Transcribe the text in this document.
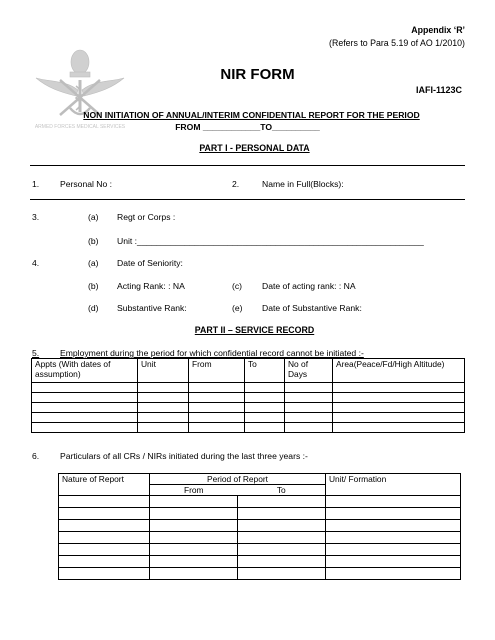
ARMED FORCES MEDICAL SERVICES
Appendix ‘R’
(Refers to Para 5.19 of AO 1/2010)
NIR FORM
IAFI-1123C
NON INITIATION OF ANNUAL/INTERIM CONFIDENTIAL REPORT FOR THE PERIOD
FROM ____________TO__________
PART I - PERSONAL DATA
1. Personal No :	2.	Name in Full(Blocks):
3.	(a) Regt or Corps :
(b) Unit :____________________________________________________________
4.	(a) Date of Seniority:
(b) Acting Rank: : NA	(c) Date of acting rank: : NA
(d) Substantive Rank:	(e) Date of Substantive Rank:
PART II – SERVICE RECORD
5. Employment during the period for which confidential record cannot be initiated :-
Appts (With dates of assumption)	Unit	From	To	No of Days	Area(Peace/Fd/High Altitude)

6. Particulars of all CRs / NIRs initiated during the last three years :-
Nature of Report	Period of Report		Unit/ Formation
	From	To	
